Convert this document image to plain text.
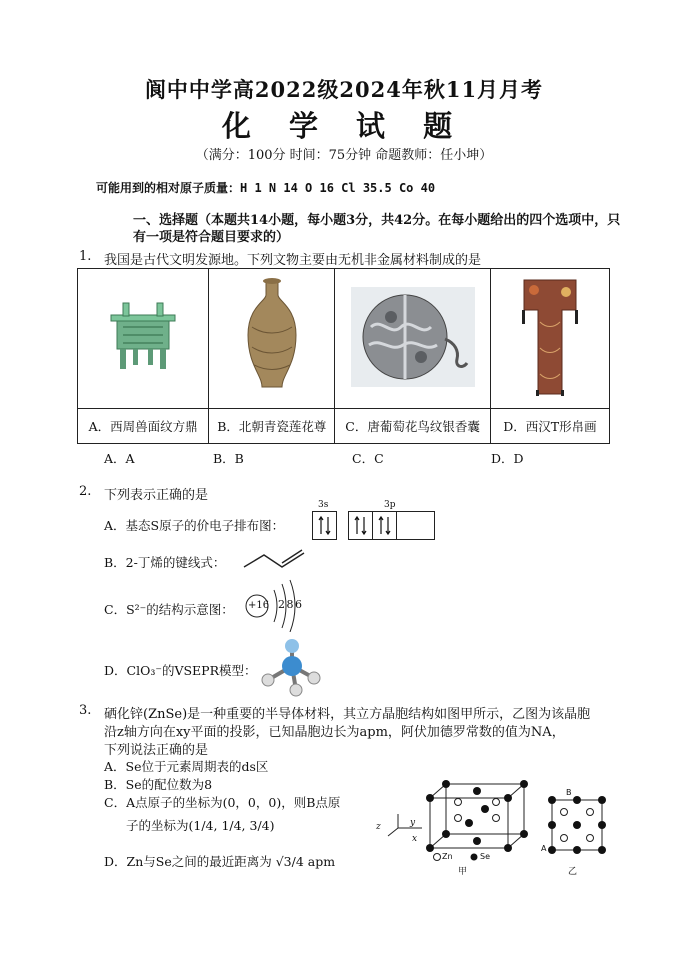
阆中中学高2022级2024年秋11月月考
化 学 试 题
（满分：100分 时间：75分钟 命题教师：任小坤）
可能用到的相对原子质量：H 1 N 14 O 16 Cl 35.5 Co 40
一、选择题（本题共14小题，每小题3分，共42分。在每小题给出的四个选项中，只有一项是符合题目要求的）
1. 我国是古代文明发源地。下列文物主要由无机非金属材料制成的是

A．西周兽面纹方鼎	B．北朝青瓷莲花尊	C．唐葡萄花鸟纹银香囊	D．西汉T形帛画
A．A	B．B	C．C	D．D
2. 下列表示正确的是
A．基态S原子的价电子排布图：
3s	3p
B．2-丁烯的键线式：
C．S²⁻的结构示意图： +16 2 8 6
D．ClO₃⁻的VSEPR模型：
3. 硒化锌(ZnSe)是一种重要的半导体材料，其立方晶胞结构如图甲所示，乙图为该晶胞
沿z轴方向在xy平面的投影，已知晶胞边长为apm，阿伏加德罗常数的值为NA，
下列说法正确的是
A．Se位于元素周期表的ds区
B．Se的配位数为8
C．A点原子的坐标为(0，0，0)，则B点原
子的坐标为(1/4, 1/4, 3/4)
D．Zn与Se之间的最近距离为 √3/4 apm
z	y
x
Zn	Se
甲
B
A
乙
